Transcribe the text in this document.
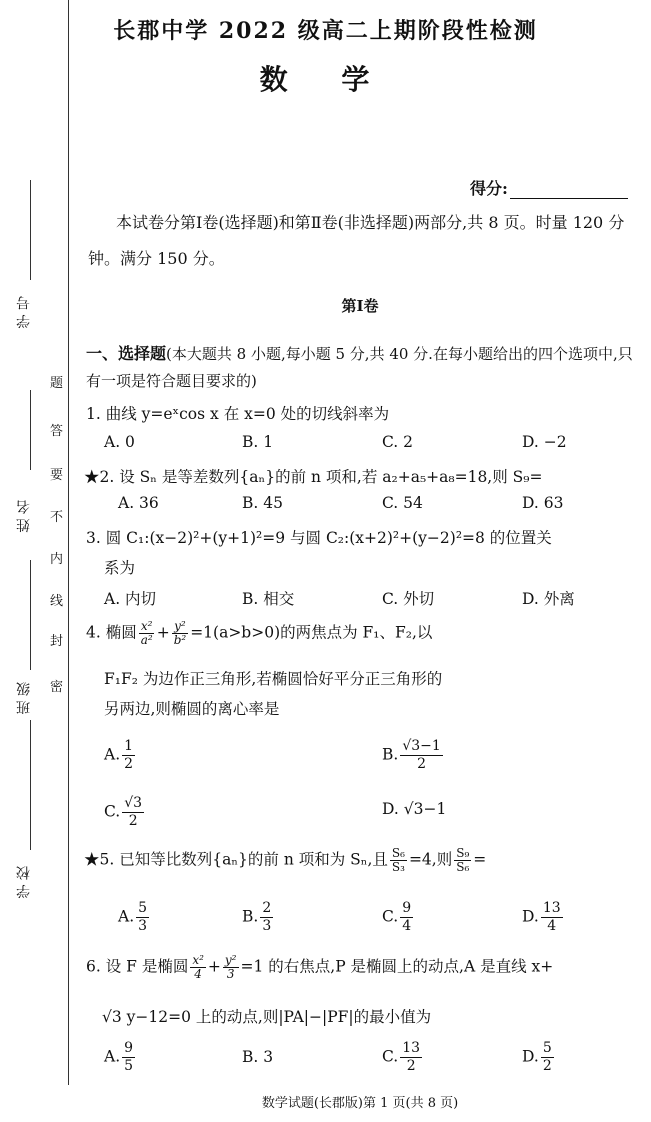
学 号
姓 名
班 级
学 校
题
答
要
不
内
线
封
密
长郡中学 2022 级高二上期阶段性检测
数 学
得分:
本试卷分第Ⅰ卷(选择题)和第Ⅱ卷(非选择题)两部分,共 8 页。时量 120 分钟。满分 150 分。
第Ⅰ卷
一、选择题(本大题共 8 小题,每小题 5 分,共 40 分.在每小题给出的四个选项中,只有一项是符合题目要求的)
1. 曲线 y=eˣcos x 在 x=0 处的切线斜率为
A. 0	B. 1	C. 2	D. −2
★2. 设 Sₙ 是等差数列{aₙ}的前 n 项和,若 a₂+a₅+a₈=18,则 S₉=
A. 36	B. 45	C. 54	D. 63
3. 圆 C₁:(x−2)²+(y+1)²=9 与圆 C₂:(x+2)²+(y−2)²=8 的位置关
系为
A. 内切	B. 相交	C. 外切	D. 外离
4. 椭圆 $\frac{\text{x²}}{\text{a²}} + \frac{\text{y²}}{\text{b²}} =1(a>b>0)$的两焦点为 F₁、F₂,以
F₁F₂ 为边作正三角形,若椭圆恰好平分正三角形的
另两边,则椭圆的离心率是
A. $\frac{1}{2}$	B. $\frac{√3-1}{2}$
C. $\frac{√3}{2}$	D. √3−1
★5. 已知等比数列{aₙ}的前 n 项和为 Sₙ,且 $\frac{\text{S₆}}{\text{S₃}} =4$,则 $\frac{\text{S₉}}{\text{S₆}}$ =
A. $\frac{5}{3}$	B. $\frac{2}{3}$	C. $\frac{9}{4}$	D. $\frac{13}{4}$
6. 设 F 是椭圆 $\frac{\text{x²}}{4} + \frac{\text{y²}}{3} =1$ 的右焦点,P 是椭圆上的动点,A 是直线 x+
√3 y−12=0 上的动点,则|PA|−|PF|的最小值为
A. $\frac{9}{5}$	B. 3	C. $\frac{13}{2}$	D. $\frac{5}{2}$
数学试题(长郡版)第 1 页(共 8 页)
